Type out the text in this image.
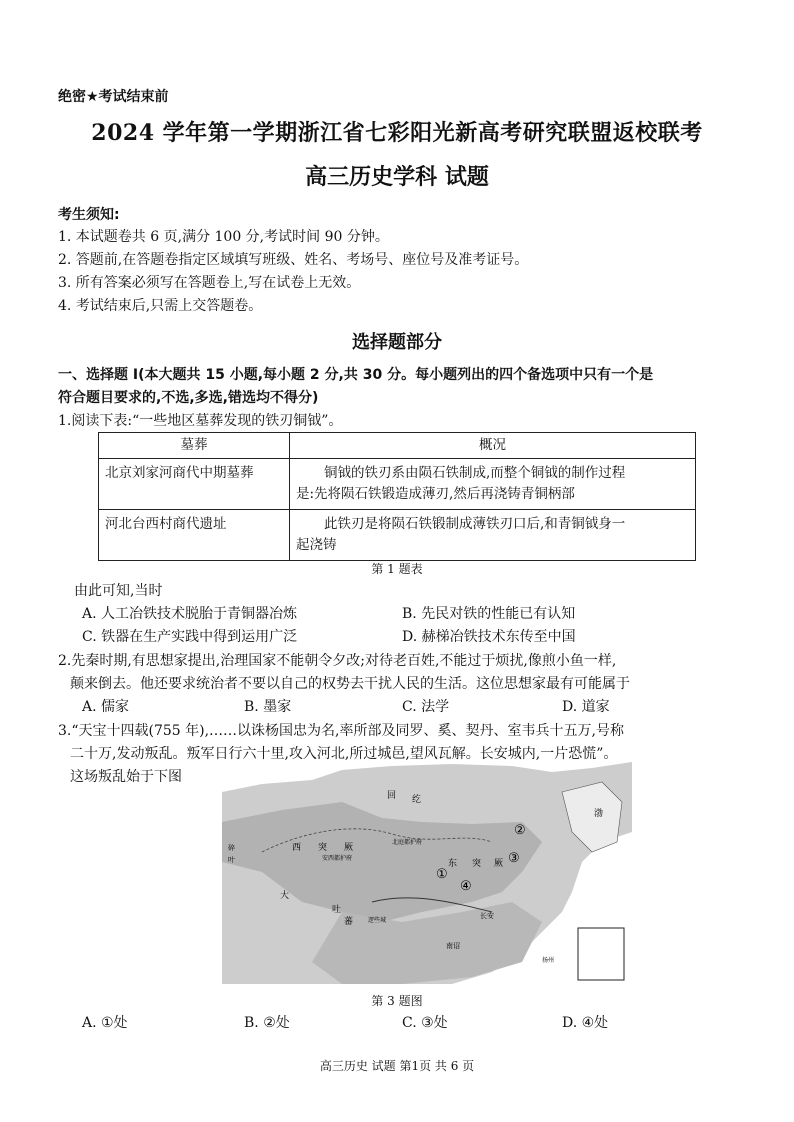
绝密★考试结束前
2024 学年第一学期浙江省七彩阳光新高考研究联盟返校联考
高三历史学科 试题
考生须知:
1. 本试题卷共 6 页,满分 100 分,考试时间 90 分钟。
2. 答题前,在答题卷指定区域填写班级、姓名、考场号、座位号及准考证号。
3. 所有答案必须写在答题卷上,写在试卷上无效。
4. 考试结束后,只需上交答题卷。
选择题部分
一、选择题 I(本大题共 15 小题,每小题 2 分,共 30 分。每小题列出的四个备选项中只有一个是
符合题目要求的,不选,多选,错选均不得分)
1.阅读下表:“一些地区墓葬发现的铁刃铜钺”。
墓葬	概况
北京刘家河商代中期墓葬	铜钺的铁刃系由陨石铁制成,而整个铜钺的制作过程
是:先将陨石铁锻造成薄刃,然后再浇铸青铜柄部

河北台西村商代遗址	此铁刃是将陨石铁锻制成薄铁刃口后,和青铜钺身一
起浇铸
第 1 题表
由此可知,当时
A. 人工冶铁技术脱胎于青铜器冶炼	B. 先民对铁的性能已有认知
C. 铁器在生产实践中得到运用广泛	D. 赫梯冶铁技术东传至中国
2.先秦时期,有思想家提出,治理国家不能朝令夕改;对待老百姓,不能过于烦扰,像煎小鱼一样,
颠来倒去。他还要求统治者不要以自己的权势去干扰人民的生活。这位思想家最有可能属于
A. 儒家	B. 墨家	C. 法学	D. 道家
3.“天宝十四载(755 年),……以诛杨国忠为名,率所部及同罗、奚、契丹、室韦兵十五万,号称
二十万,发动叛乱。叛军日行六十里,攻入河北,所过城邑,望风瓦解。长安城内,一片恐慌”。
这场叛乱始于下图
回 纥
西 突 厥
东 突 厥
北庭都护府
安西都护府
吐
蕃 逻些城
长安
南诏
扬州
渤
碎
叶
大
①
②
③
④
第 3 题图
A. ①处	B. ②处	C. ③处	D. ④处
高三历史 试题 第1页 共 6 页
